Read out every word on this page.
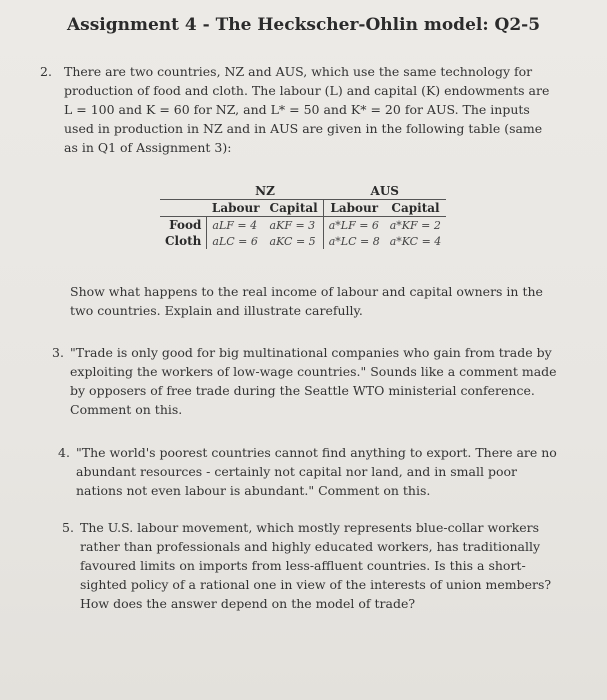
Assignment 4 - The Heckscher-Ohlin model: Q2-5
2. There are two countries, NZ and AUS, which use the same technology for production of food and cloth. The labour (L) and capital (K) endowments are L = 100 and K = 60 for NZ, and L* = 50 and K* = 20 for AUS. The inputs used in production in NZ and in AUS are given in the following table (same as in Q1 of Assignment 3):
Show what happens to the real income of labour and capital owners in the two countries. Explain and illustrate carefully.
	NZ		AUS	
	Labour	Capital	Labour	Capital
Food	aLF = 4	aKF = 3	a*LF = 6	a*KF = 2
Cloth	aLC = 6	aKC = 5	a*LC = 8	a*KC = 4
3. "Trade is only good for big multinational companies who gain from trade by exploiting the workers of low-wage countries." Sounds like a comment made by opposers of free trade during the Seattle WTO ministerial conference. Comment on this.
4. "The world's poorest countries cannot find anything to export. There are no abundant resources - certainly not capital nor land, and in small poor nations not even labour is abundant." Comment on this.
5. The U.S. labour movement, which mostly represents blue-collar workers rather than professionals and highly educated workers, has traditionally favoured limits on imports from less-affluent countries. Is this a short-sighted policy of a rational one in view of the interests of union members? How does the answer depend on the model of trade?
